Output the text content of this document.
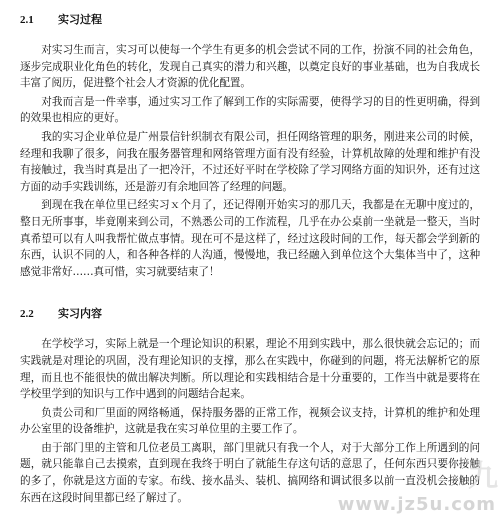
2.1	实习过程

对实习生而言，实习可以使每一个学生有更多的机会尝试不同的工作，扮演不同的社会角色，逐步完成职业化角色的转化，发现自己真实的潜力和兴趣，以奠定良好的事业基础，也为自我成长丰富了阅历，促进整个社会人才资源的优化配置。

对我而言是一件幸事，通过实习工作了解到工作的实际需要，使得学习的目的性更明确，得到的效果也相应的更好。

我的实习企业单位是广州景信针织制衣有限公司，担任网络管理的职务，刚进来公司的时候，经理和我聊了很多，问我在服务器管理和网络管理方面有没有经验，计算机故障的处理和维护有没有接触过，我当时真是出了一把冷汗，不过还好平时在学校除了学习网络方面的知识外，还有过这方面的动手实践训练，还是游刃有余地回答了经理的问题。

到现在我在单位里已经实习ｘ个月了，还记得刚开始实习的那几天，我都是在无聊中度过的，整日无所事事，毕竟刚来到公司，不熟悉公司的工作流程，几乎在办公桌前一坐就是一整天，当时真希望可以有人叫我帮忙做点事情。现在可不是这样了，经过这段时间的工作，每天都会学到新的东西，认识不同的人，和各种各样的人沟通，慢慢地，我已经融入到单位这个大集体当中了，这种感觉非常好……真可惜，实习就要结束了！

2.2	实习内容

在学校学习，实际上就是一个理论知识的积累，理论不用到实践中，那么很快就会忘记的；而实践就是对理论的巩固，没有理论知识的支撑，那么在实践中，你碰到的问题，将无法解析它的原理，而且也不能很快的做出解决判断。所以理论和实践相结合是十分重要的，工作当中就是要将在学校里学到的知识与工作中遇到的问题结合起来。

负责公司和厂里面的网络畅通，保持服务器的正常工作，视频会议支持，计算机的维护和处理办公室里的设备维护，这就是我在实习单位里的主要工作了。

由于部门里的主管和几位老员工离职，部门里就只有我一个人，对于大部分工作上所遇到的问题，就只能靠自己去摸索，直到现在我终于明白了就能生存这句话的意思了，任何东西只要你接触的多了，你就是这方面的专家。布线、接水晶头、装机、搞网络和调试很多以前一直没机会接触的东西在这段时间里都已经了解过了。

九
www.jz5u.com
